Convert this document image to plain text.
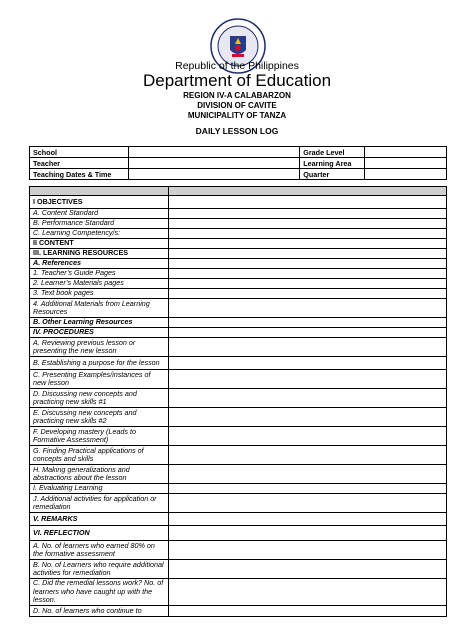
Republic of the Philippines
Department of Education
REGION IV-A CALABARZON
DIVISION OF CAVITE
MUNICIPALITY OF TANZA
DAILY LESSON LOG
School		Grade Level	
Teacher		Learning Area	
Teaching Dates & Time		Quarter	

I OBJECTIVES	
A. Content Standard	
B. Performance Standard	
C. Learning Competency/s:	
II CONTENT	
III. LEARNING RESOURCES	
A. References	
1. Teacher’s Guide Pages	
2. Learner’s Materials pages	
3. Text book pages	
4. Additional Materials from Learning Resources	
B. Other Learning Resources	
IV. PROCEDURES	
A. Reviewing previous lesson or presenting the new lesson	
B. Establishing a purpose for the lesson	
C. Presenting Examples/instances of new lesson	
D. Discussing new concepts and practicing new skills #1	
E. Discussing new concepts and practicing new skills #2	
F. Developing mastery (Leads to Formative Assessment)	
G. Finding Practical applications of concepts and skills	
H. Making generalizations and abstractions about the lesson	
I. Evaluating Learning	
J. Additional activities for application or remediation	
V. REMARKS	
VI. REFLECTION	
A. No. of learners who earned 80% on the formative assessment	
B. No. of Learners who require additional activities for remediation	
C. Did the remedial lessons work? No. of learners who have caught up with the lesson.	
D. No. of learners who continue to	
